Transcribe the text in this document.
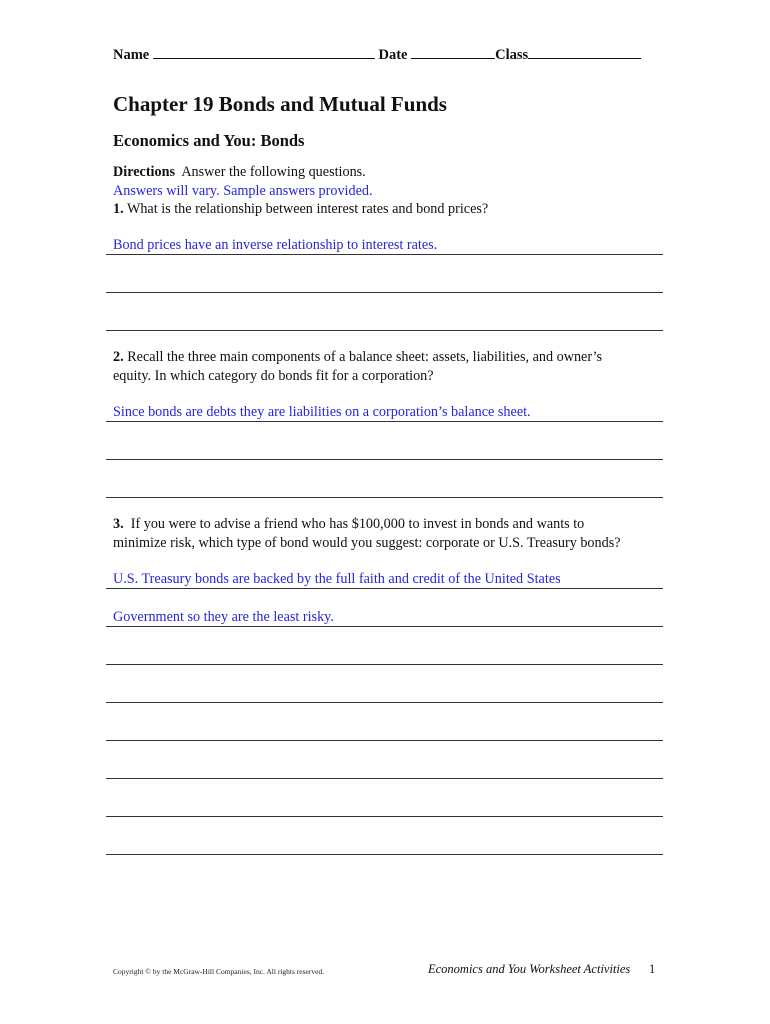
Name	Date	Class
Chapter 19 Bonds and Mutual Funds
Economics and You: Bonds
Directions Answer the following questions.
Answers will vary. Sample answers provided.
1. What is the relationship between interest rates and bond prices?
Bond prices have an inverse relationship to interest rates.
2. Recall the three main components of a balance sheet: assets, liabilities, and owner’s
equity. In which category do bonds fit for a corporation?
Since bonds are debts they are liabilities on a corporation’s balance sheet.
3. If you were to advise a friend who has $100,000 to invest in bonds and wants to
minimize risk, which type of bond would you suggest: corporate or U.S. Treasury bonds?
U.S. Treasury bonds are backed by the full faith and credit of the United States
Government so they are the least risky.
Copyright © by the McGraw-Hill Companies, Inc. All rights reserved.	Economics and You Worksheet Activities 1
